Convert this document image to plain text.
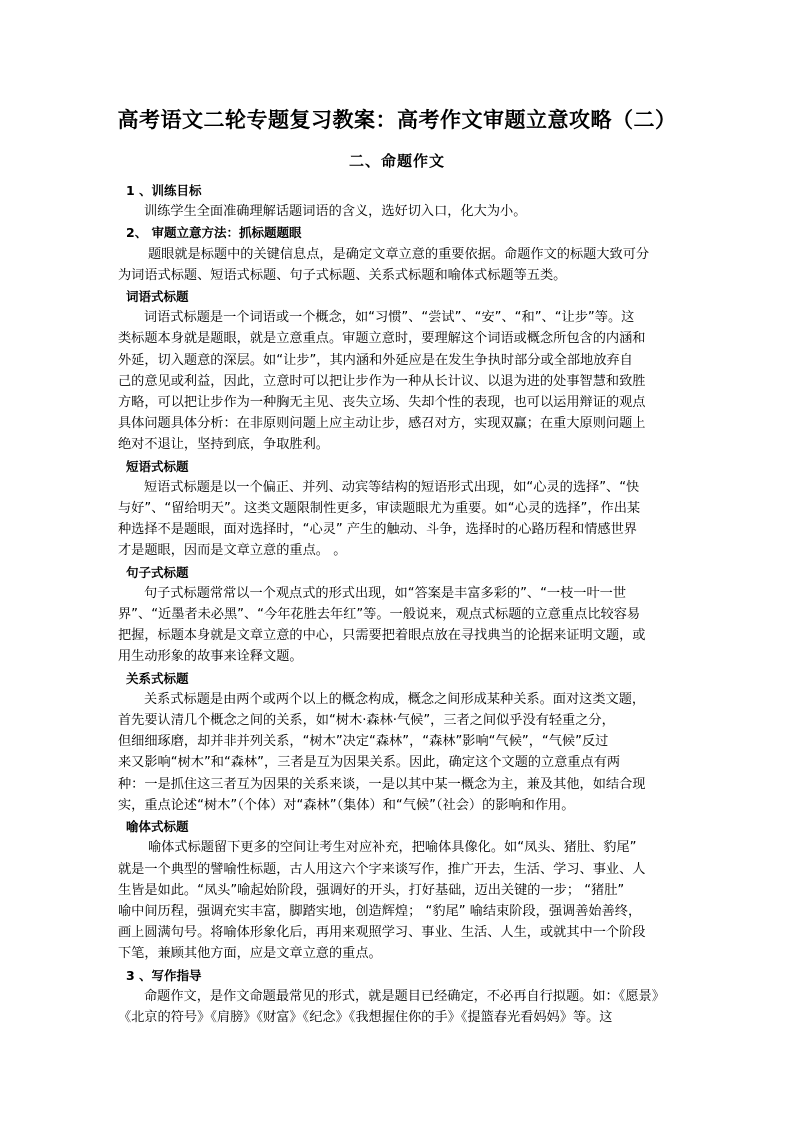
高考语文二轮专题复习教案：高考作文审题立意攻略（二）
二、命题作文
1 、训练目标
训练学生全面准确理解话题词语的含义，选好切入口，化大为小。
2、 审题立意方法：抓标题题眼
题眼就是标题中的关键信息点，是确定文章立意的重要依据。命题作文的标题大致可分
为词语式标题、短语式标题、句子式标题、关系式标题和喻体式标题等五类。
词语式标题
词语式标题是一个词语或一个概念，如“习惯”、“尝试”、“安”、“和”、“让步”等。这
类标题本身就是题眼，就是立意重点。审题立意时，要理解这个词语或概念所包含的内涵和
外延，切入题意的深层。如“让步”，其内涵和外延应是在发生争执时部分或全部地放弃自
己的意见或利益，因此，立意时可以把让步作为一种从长计议、以退为进的处事智慧和致胜
方略，可以把让步作为一种胸无主见、丧失立场、失却个性的表现，也可以运用辩证的观点
具体问题具体分析：在非原则问题上应主动让步，感召对方，实现双赢；在重大原则问题上
绝对不退让，坚持到底，争取胜利。
短语式标题
短语式标题是以一个偏正、并列、动宾等结构的短语形式出现，如“心灵的选择”、“快
与好”、“留给明天”。这类文题限制性更多，审读题眼尤为重要。如“心灵的选择”，作出某
种选择不是题眼，面对选择时，“心灵” 产生的触动、斗争，选择时的心路历程和情感世界
才是题眼，因而是文章立意的重点。 。
句子式标题
句子式标题常常以一个观点式的形式出现，如“答案是丰富多彩的”、“一枝一叶一世
界”、“近墨者未必黑”、“今年花胜去年红”等。一般说来，观点式标题的立意重点比较容易
把握，标题本身就是文章立意的中心，只需要把着眼点放在寻找典当的论据来证明文题，或
用生动形象的故事来诠释文题。
关系式标题
关系式标题是由两个或两个以上的概念构成，概念之间形成某种关系。面对这类文题，
首先要认清几个概念之间的关系，如“树木·森林·气候”，三者之间似乎没有轻重之分，
但细细琢磨，却并非并列关系，“树木”决定“森林”，“森林”影响“气候”，“气候”反过
来又影响“树木”和“森林”，三者是互为因果关系。因此，确定这个文题的立意重点有两
种：一是抓住这三者互为因果的关系来谈，一是以其中某一概念为主，兼及其他，如结合现
实，重点论述“树木”（个体）对“森林”（集体）和“气候”（社会）的影响和作用。
喻体式标题
喻体式标题留下更多的空间让考生对应补充，把喻体具像化。如“凤头、猪肚、豹尾”
就是一个典型的譬喻性标题，古人用这六个字来谈写作，推广开去，生活、学习、事业、人
生皆是如此。“凤头”喻起始阶段，强调好的开头，打好基础，迈出关键的一步； “猪肚”
喻中间历程，强调充实丰富，脚踏实地，创造辉煌； “豹尾” 喻结束阶段，强调善始善终，
画上圆满句号。将喻体形象化后，再用来观照学习、事业、生活、人生，或就其中一个阶段
下笔，兼顾其他方面，应是文章立意的重点。
3 、写作指导
命题作文，是作文命题最常见的形式，就是题目已经确定，不必再自行拟题。如：《愿景》
《北京的符号》《肩膀》《财富》《纪念》《我想握住你的手》《提篮春光看妈妈》等。这
